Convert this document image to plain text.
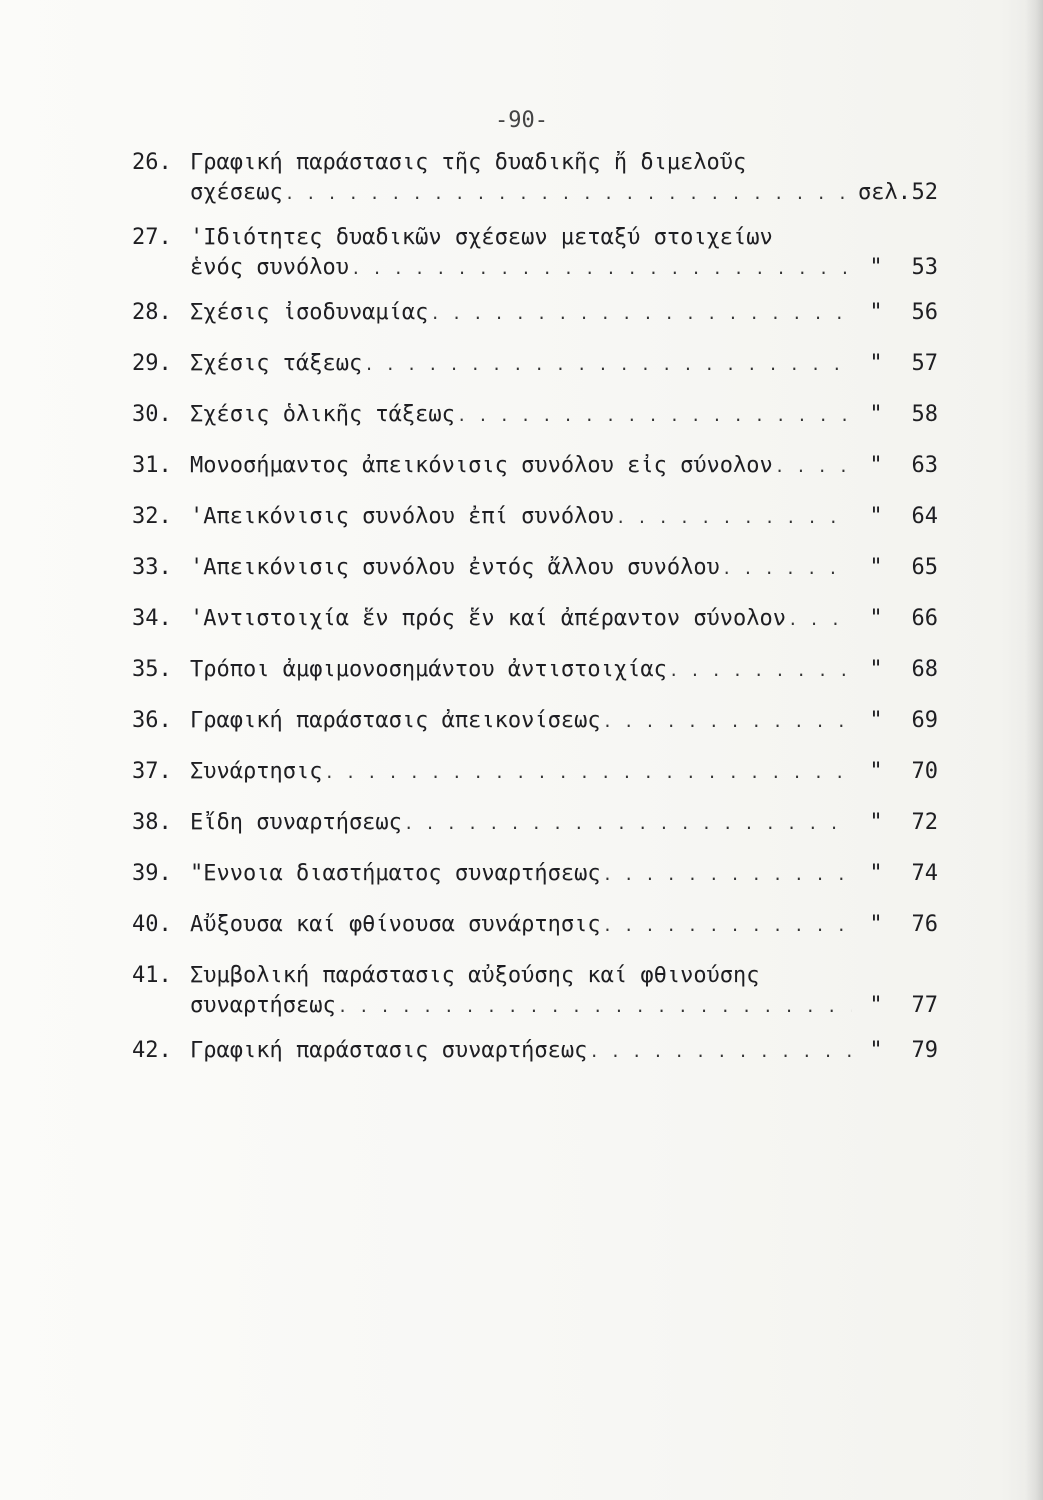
-90-
26. Γραφική παράστασις τῆς δυαδικῆς ἤ διμελοῦς
σχέσεως . . .	σελ. 52
27. 'Ιδιότητες δυαδικῶν σχέσεων μεταξύ στοιχείων
ἑνός συνόλου . . .	"	53
28. Σχέσις ἰσοδυναμίας . . .	"	56
29. Σχέσις τάξεως . . .	"	57
30. Σχέσις ὁλικῆς τάξεως . . .	"	58
31. Μονοσήμαντος ἀπεικόνισις συνόλου εἰς σύνολον . . .	"	63
32. 'Απεικόνισις συνόλου ἐπί συνόλου . . .	"	64
33. 'Απεικόνισις συνόλου ἐντός ἄλλου συνόλου . . .	"	65
34. 'Αντιστοιχία ἕν πρός ἕν καί ἀπέραντον σύνολον . . .	"	66
35. Τρόποι ἀμφιμονοσημάντου ἀντιστοιχίας . . .	"	68
36. Γραφική παράστασις ἀπεικονίσεως . . .	"	69
37. Συνάρτησις . . .	"	70
38. Εἴδη συναρτήσεως . . .	"	72
39. "Εννοια διαστήματος συναρτήσεως . . .	"	74
40. Αὔξουσα καί φθίνουσα συνάρτησις . . .	"	76
41. Συμβολική παράστασις αὐξούσης καί φθινούσης
συναρτήσεως . . .	"	77
42. Γραφική παράστασις συναρτήσεως . . .	"	79
